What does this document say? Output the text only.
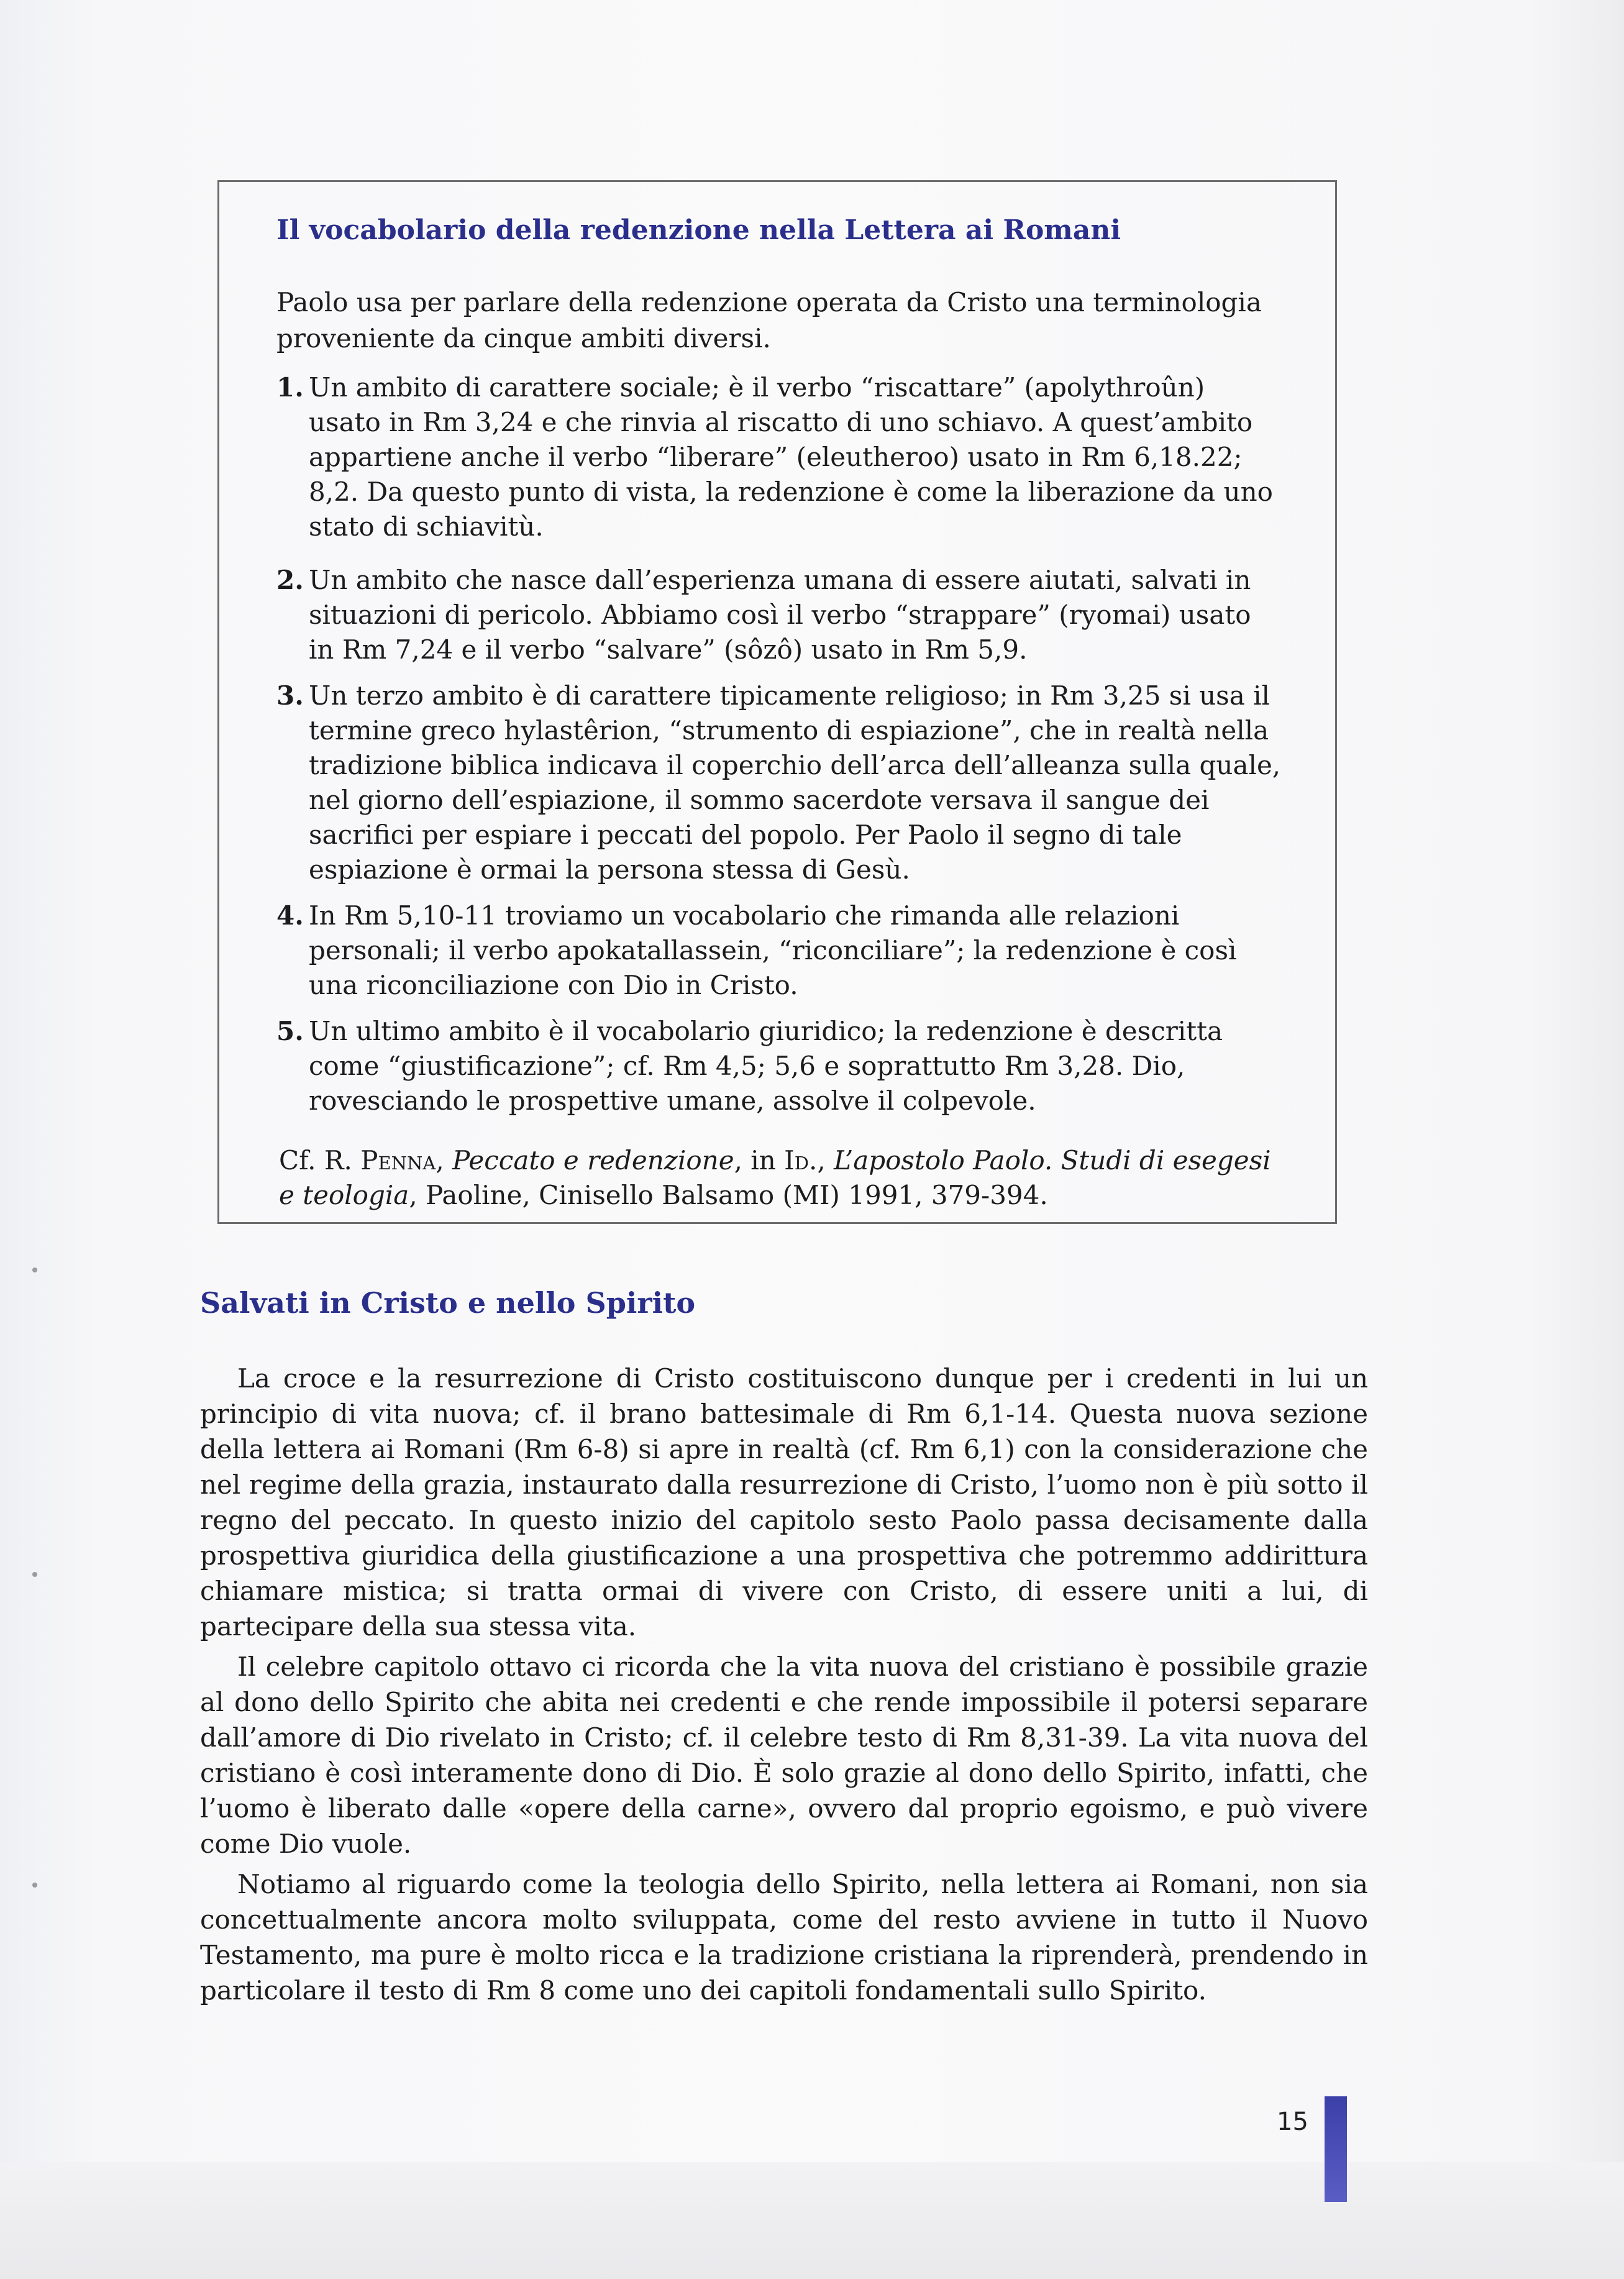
Il vocabolario della redenzione nella Lettera ai Romani

Paolo usa per parlare della redenzione operata da Cristo una terminologia proveniente da cinque ambiti diversi.

1. Un ambito di carattere sociale; è il verbo “riscattare” (apolythroûn) usato in Rm 3,24 e che rinvia al riscatto di uno schiavo. A quest’ambito appartiene anche il verbo “liberare” (eleutheroo) usato in Rm 6,18.22; 8,2. Da questo punto di vista, la redenzione è come la liberazione da uno stato di schiavitù.
2. Un ambito che nasce dall’esperienza umana di essere aiutati, salvati in situazioni di pericolo. Abbiamo così il verbo “strappare” (ryomai) usato in Rm 7,24 e il verbo “salvare” (sôzô) usato in Rm 5,9.
3. Un terzo ambito è di carattere tipicamente religioso; in Rm 3,25 si usa il termine greco hylastêrion, “strumento di espiazione”, che in realtà nella tradizione biblica indicava il coperchio dell’arca dell’alleanza sulla quale, nel giorno dell’espiazione, il sommo sacerdote versava il sangue dei sacrifici per espiare i peccati del popolo. Per Paolo il segno di tale espiazione è ormai la persona stessa di Gesù.
4. In Rm 5,10-11 troviamo un vocabolario che rimanda alle relazioni personali; il verbo apokatallassein, “riconciliare”; la redenzione è così una riconciliazione con Dio in Cristo.
5. Un ultimo ambito è il vocabolario giuridico; la redenzione è descritta come “giustificazione”; cf. Rm 4,5; 5,6 e soprattutto Rm 3,28. Dio, rovesciando le prospettive umane, assolve il colpevole.

Cf. R. Penna, Peccato e redenzione, in Id., L’apostolo Paolo. Studi di esegesi e teologia, Paoline, Cinisello Balsamo (MI) 1991, 379-394.

Salvati in Cristo e nello Spirito

La croce e la resurrezione di Cristo costituiscono dunque per i credenti in lui un principio di vita nuova; cf. il brano battesimale di Rm 6,1-14. Questa nuova sezione della lettera ai Romani (Rm 6-8) si apre in realtà (cf. Rm 6,1) con la considerazione che nel regime della grazia, instaurato dalla resurrezione di Cristo, l’uomo non è più sotto il regno del peccato. In questo inizio del capitolo sesto Paolo passa decisamente dalla prospettiva giuridica della giustificazione a una prospettiva che potremmo addirittura chiamare mistica; si tratta ormai di vivere con Cristo, di essere uniti a lui, di partecipare della sua stessa vita.

Il celebre capitolo ottavo ci ricorda che la vita nuova del cristiano è possibile grazie al dono dello Spirito che abita nei credenti e che rende impossibile il potersi separare dall’amore di Dio rivelato in Cristo; cf. il celebre testo di Rm 8,31-39. La vita nuova del cristiano è così interamente dono di Dio. È solo grazie al dono dello Spirito, infatti, che l’uomo è liberato dalle «opere della carne», ovvero dal proprio egoismo, e può vivere come Dio vuole.

Notiamo al riguardo come la teologia dello Spirito, nella lettera ai Romani, non sia concettualmente ancora molto sviluppata, come del resto avviene in tutto il Nuovo Testamento, ma pure è molto ricca e la tradizione cristiana la riprenderà, prendendo in particolare il testo di Rm 8 come uno dei capitoli fondamentali sullo Spirito.

15
